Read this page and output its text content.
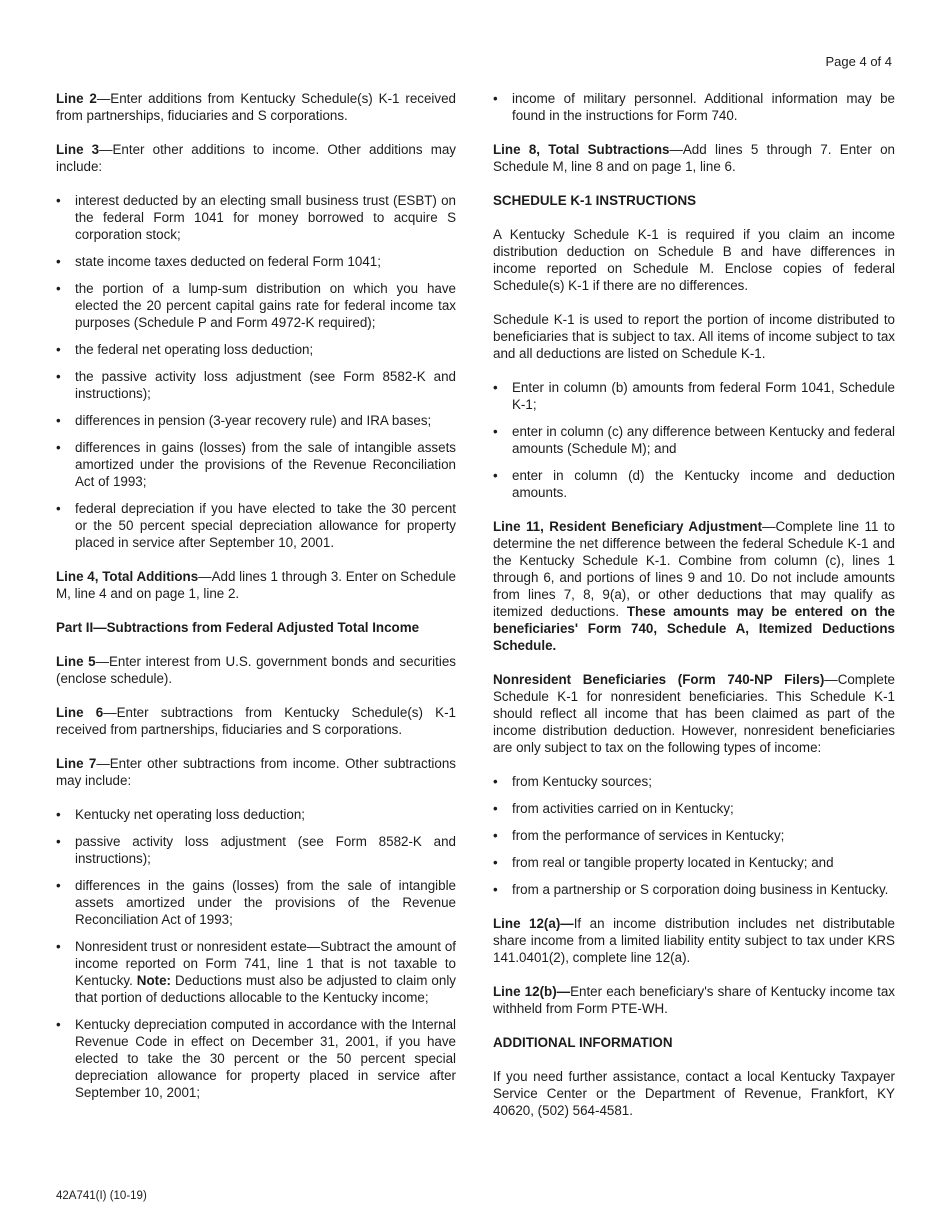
Page 4 of 4

Line 2—Enter additions from Kentucky Schedule(s) K-1 received from partnerships, fiduciaries and S corporations.

Line 3—Enter other additions to income. Other additions may include:

• interest deducted by an electing small business trust (ESBT) on the federal Form 1041 for money borrowed to acquire S corporation stock;
• state income taxes deducted on federal Form 1041;
• the portion of a lump-sum distribution on which you have elected the 20 percent capital gains rate for federal income tax purposes (Schedule P and Form 4972-K required);
• the federal net operating loss deduction;
• the passive activity loss adjustment (see Form 8582-K and instructions);
• differences in pension (3-year recovery rule) and IRA bases;
• differences in gains (losses) from the sale of intangible assets amortized under the provisions of the Revenue Reconciliation Act of 1993;
• federal depreciation if you have elected to take the 30 percent or the 50 percent special depreciation allowance for property placed in service after September 10, 2001.

Line 4, Total Additions—Add lines 1 through 3. Enter on Schedule M, line 4 and on page 1, line 2.

Part II—Subtractions from Federal Adjusted Total Income

Line 5—Enter interest from U.S. government bonds and securities (enclose schedule).

Line 6—Enter subtractions from Kentucky Schedule(s) K-1 received from partnerships, fiduciaries and S corporations.

Line 7—Enter other subtractions from income. Other subtractions may include:

• Kentucky net operating loss deduction;
• passive activity loss adjustment (see Form 8582-K and instructions);
• differences in the gains (losses) from the sale of intangible assets amortized under the provisions of the Revenue Reconciliation Act of 1993;
• Nonresident trust or nonresident estate—Subtract the amount of income reported on Form 741, line 1 that is not taxable to Kentucky. Note: Deductions must also be adjusted to claim only that portion of deductions allocable to the Kentucky income;
• Kentucky depreciation computed in accordance with the Internal Revenue Code in effect on December 31, 2001, if you have elected to take the 30 percent or the 50 percent special depreciation allowance for property placed in service after September 10, 2001;
• income of military personnel. Additional information may be found in the instructions for Form 740.

Line 8, Total Subtractions—Add lines 5 through 7. Enter on Schedule M, line 8 and on page 1, line 6.

SCHEDULE K-1 INSTRUCTIONS

A Kentucky Schedule K-1 is required if you claim an income distribution deduction on Schedule B and have differences in income reported on Schedule M. Enclose copies of federal Schedule(s) K-1 if there are no differences.

Schedule K-1 is used to report the portion of income distributed to beneficiaries that is subject to tax. All items of income subject to tax and all deductions are listed on Schedule K-1.

• Enter in column (b) amounts from federal Form 1041, Schedule K-1;
• enter in column (c) any difference between Kentucky and federal amounts (Schedule M); and
• enter in column (d) the Kentucky income and deduction amounts.

Line 11, Resident Beneficiary Adjustment—Complete line 11 to determine the net difference between the federal Schedule K-1 and the Kentucky Schedule K-1. Combine from column (c), lines 1 through 6, and portions of lines 9 and 10. Do not include amounts from lines 7, 8, 9(a), or other deductions that may qualify as itemized deductions. These amounts may be entered on the beneficiaries' Form 740, Schedule A, Itemized Deductions Schedule.

Nonresident Beneficiaries (Form 740-NP Filers)—Complete Schedule K-1 for nonresident beneficiaries. This Schedule K-1 should reflect all income that has been claimed as part of the income distribution deduction. However, nonresident beneficiaries are only subject to tax on the following types of income:

• from Kentucky sources;
• from activities carried on in Kentucky;
• from the performance of services in Kentucky;
• from real or tangible property located in Kentucky; and
• from a partnership or S corporation doing business in Kentucky.

Line 12(a)—If an income distribution includes net distributable share income from a limited liability entity subject to tax under KRS 141.0401(2), complete line 12(a).

Line 12(b)—Enter each beneficiary's share of Kentucky income tax withheld from Form PTE-WH.

ADDITIONAL INFORMATION

If you need further assistance, contact a local Kentucky Taxpayer Service Center or the Department of Revenue, Frankfort, KY 40620, (502) 564-4581.

42A741(I) (10-19)
